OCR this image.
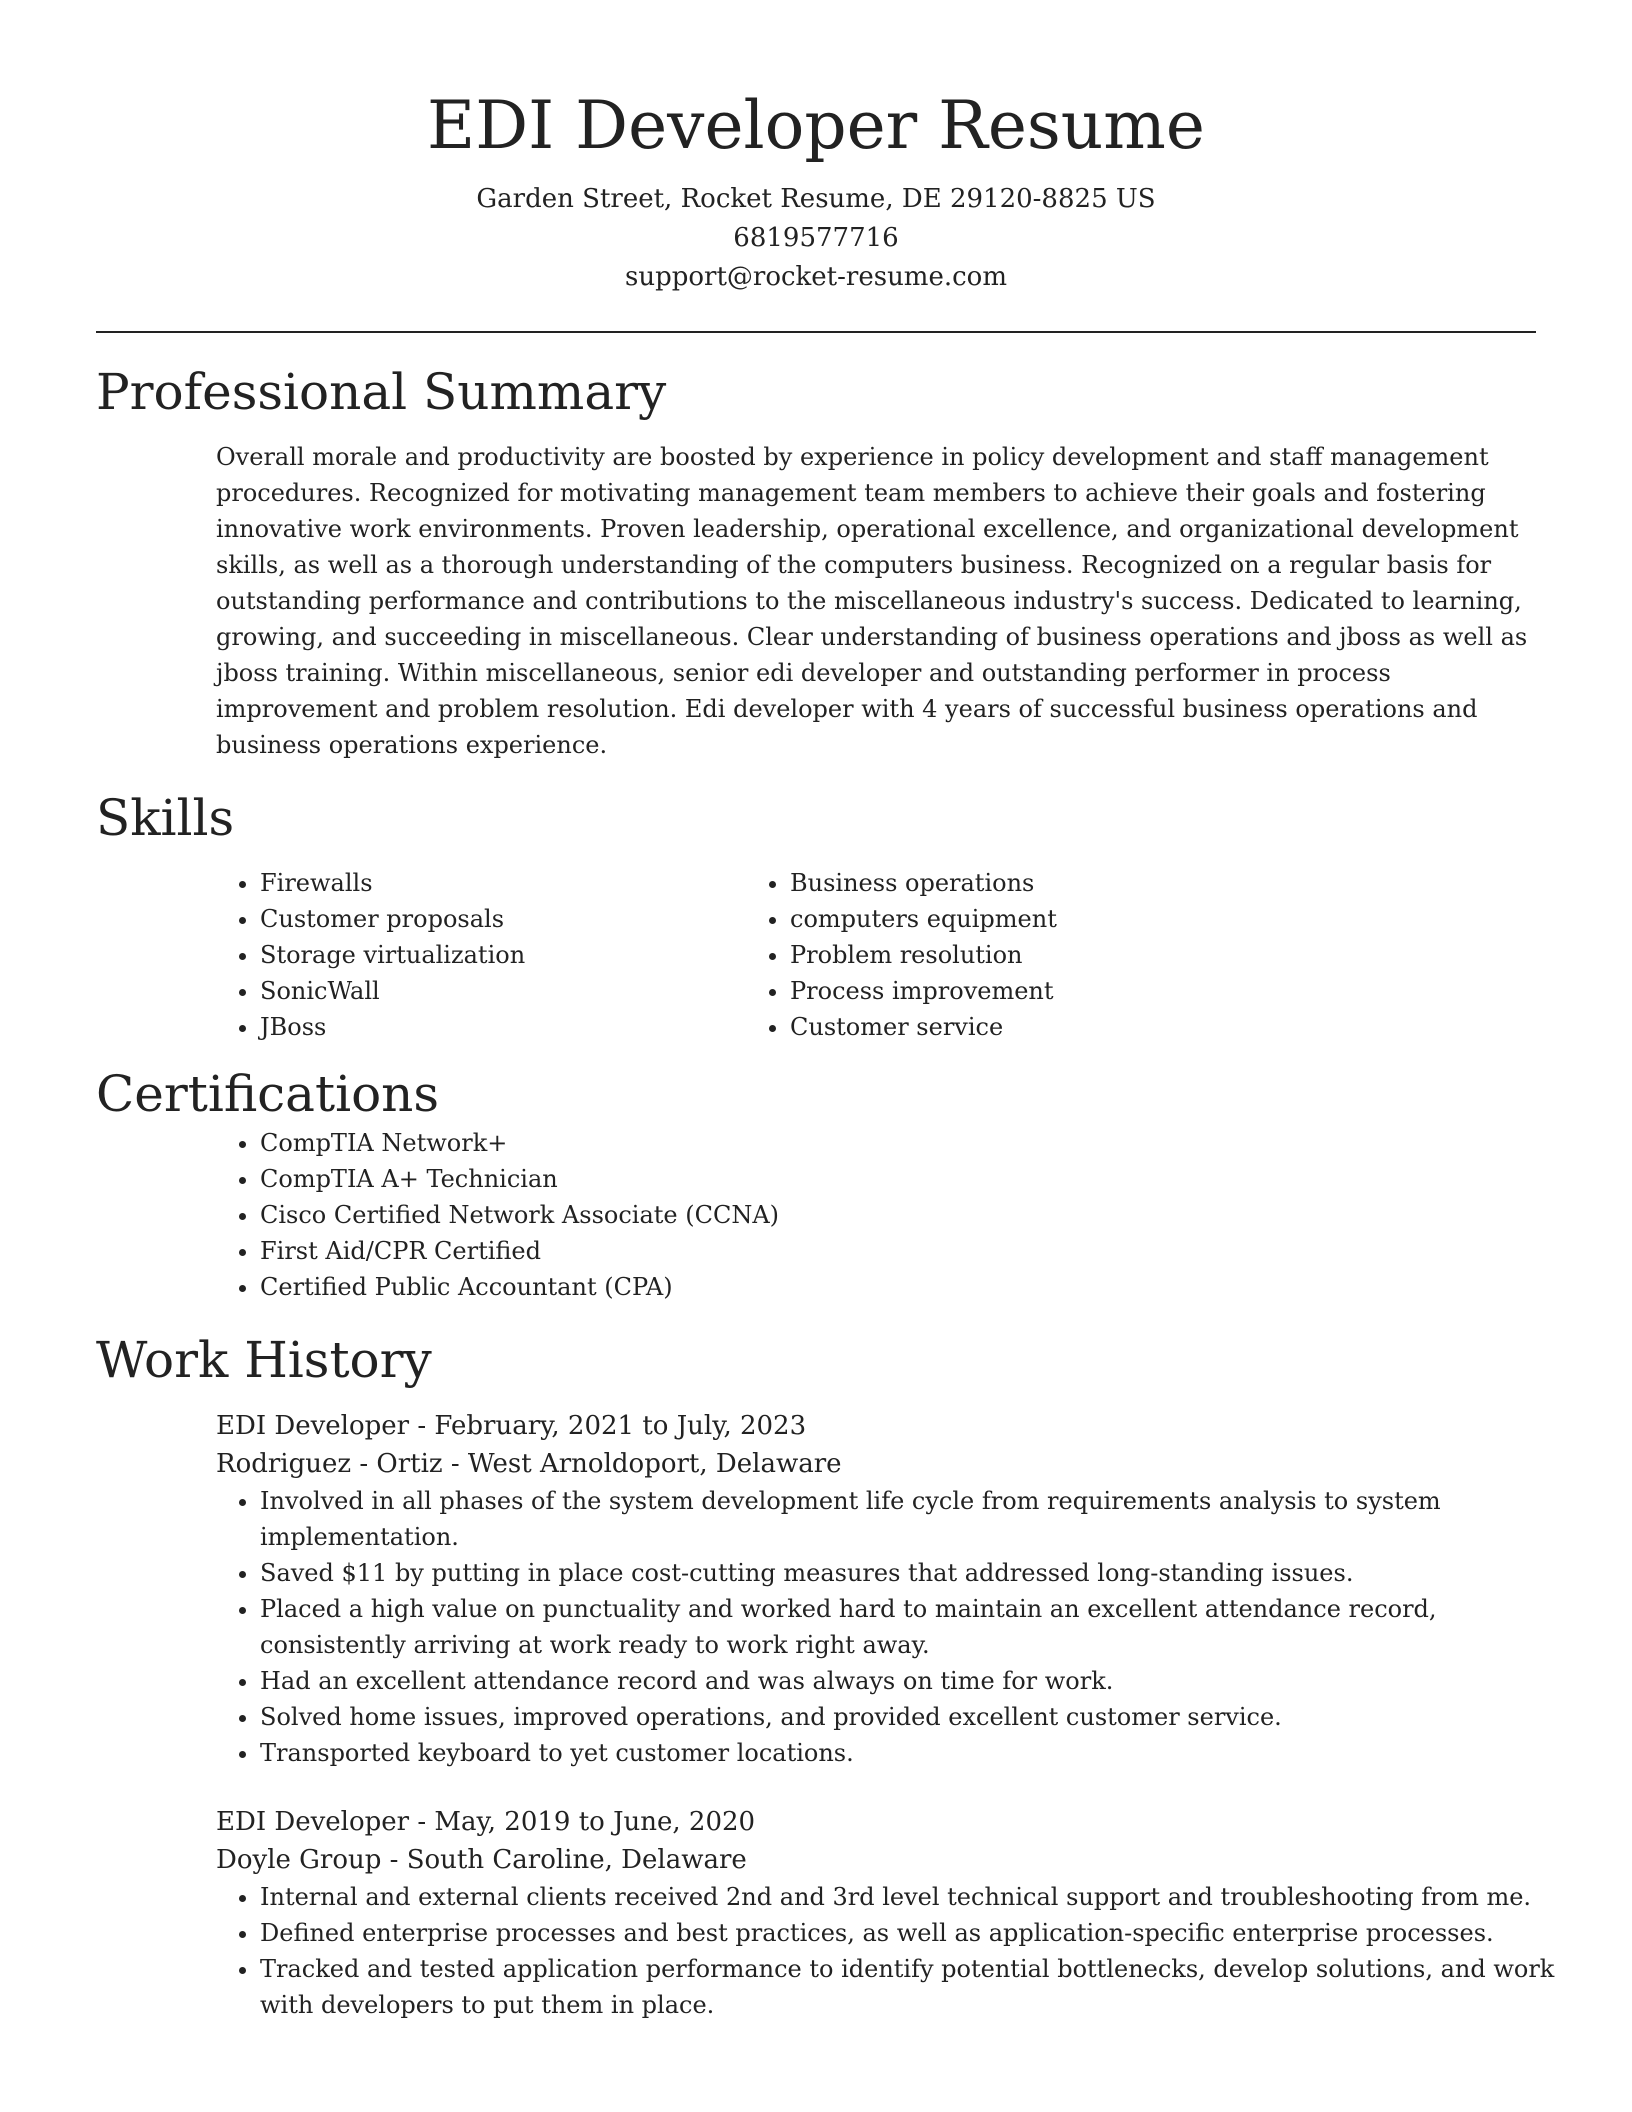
EDI Developer Resume
Garden Street, Rocket Resume, DE 29120-8825 US
6819577716
support@rocket-resume.com
Professional Summary

Overall morale and productivity are boosted by experience in policy development and staff management procedures. Recognized for motivating management team members to achieve their goals and fostering innovative work environments. Proven leadership, operational excellence, and organizational development skills, as well as a thorough understanding of the computers business. Recognized on a regular basis for outstanding performance and contributions to the miscellaneous industry's success. Dedicated to learning, growing, and succeeding in miscellaneous. Clear understanding of business operations and jboss as well as jboss training. Within miscellaneous, senior edi developer and outstanding performer in process improvement and problem resolution. Edi developer with 4 years of successful business operations and business operations experience.

Skills
• Firewalls
• Customer proposals
• Storage virtualization
• SonicWall
• JBoss
• Business operations
• computers equipment
• Problem resolution
• Process improvement
• Customer service
Certifications
• CompTIA Network+
• CompTIA A+ Technician
• Cisco Certified Network Associate (CCNA)
• First Aid/CPR Certified
• Certified Public Accountant (CPA)
Work History
EDI Developer - February, 2021 to July, 2023
Rodriguez - Ortiz - West Arnoldoport, Delaware
• Involved in all phases of the system development life cycle from requirements analysis to system implementation.
• Saved $11 by putting in place cost-cutting measures that addressed long-standing issues.
• Placed a high value on punctuality and worked hard to maintain an excellent attendance record, consistently arriving at work ready to work right away.
• Had an excellent attendance record and was always on time for work.
• Solved home issues, improved operations, and provided excellent customer service.
• Transported keyboard to yet customer locations.
EDI Developer - May, 2019 to June, 2020
Doyle Group - South Caroline, Delaware
• Internal and external clients received 2nd and 3rd level technical support and troubleshooting from me.
• Defined enterprise processes and best practices, as well as application-specific enterprise processes.
• Tracked and tested application performance to identify potential bottlenecks, develop solutions, and work with developers to put them in place.
